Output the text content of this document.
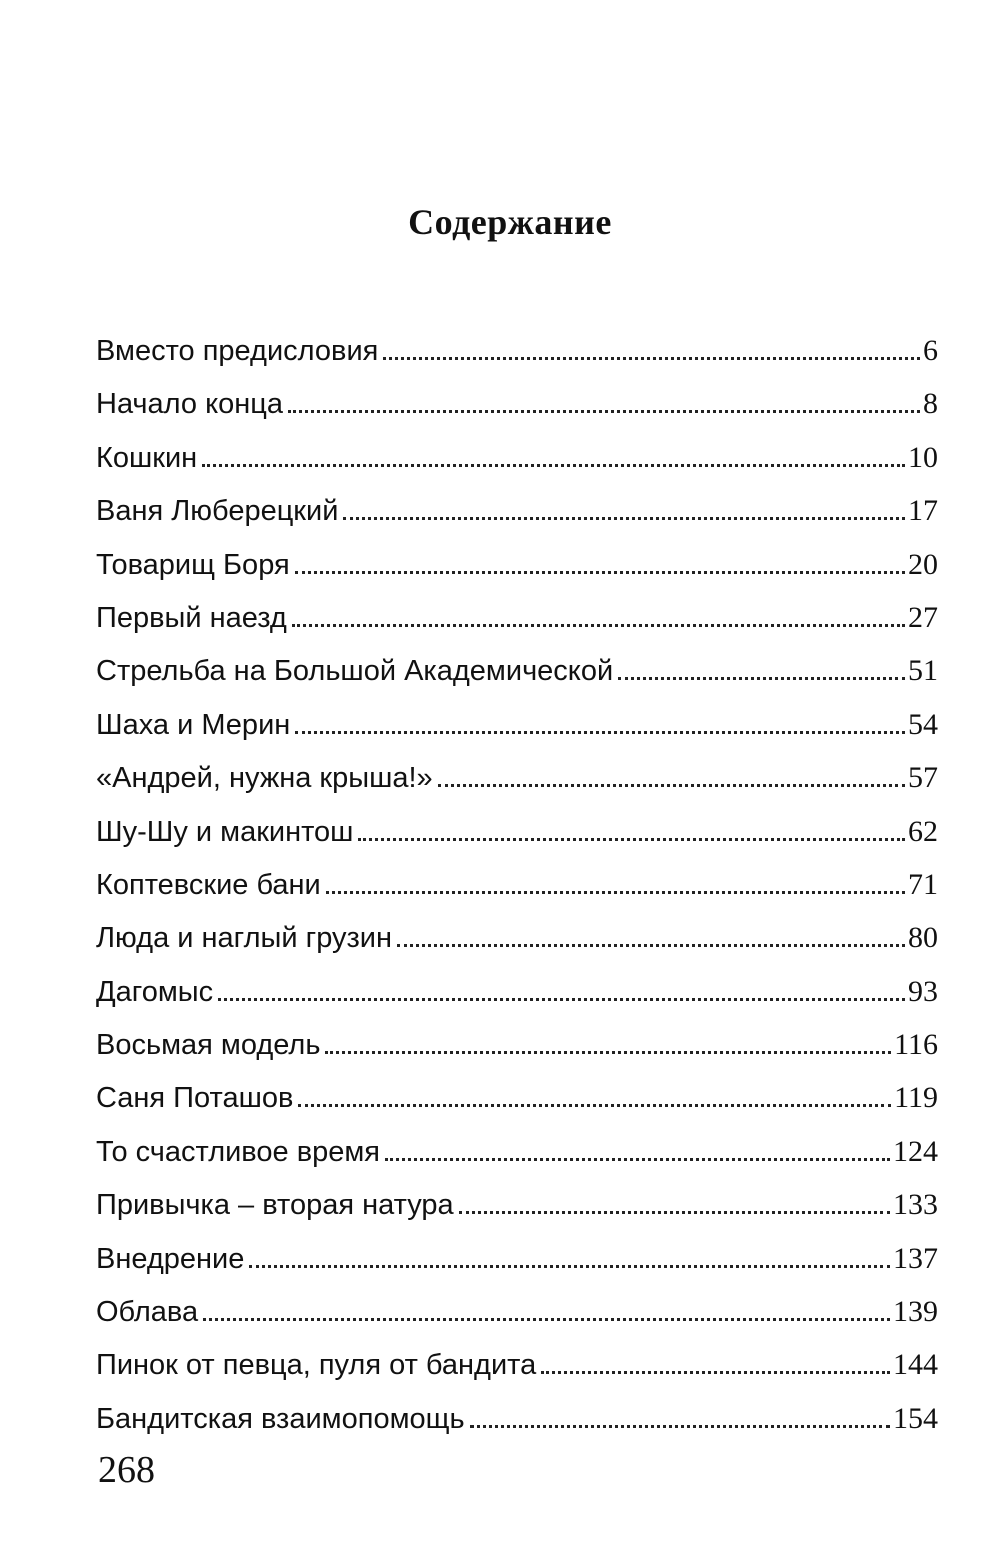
Содержание
Вместо предисловия	6
Начало конца	8
Кошкин	10
Ваня Люберецкий	17
Товарищ Боря	20
Первый наезд	27
Стрельба на Большой Академической	51
Шаха и Мерин	54
«Андрей, нужна крыша!»	57
Шу-Шу и макинтош	62
Коптевские бани	71
Люда и наглый грузин	80
Дагомыс	93
Восьмая модель	116
Саня Поташов	119
То счастливое время	124
Привычка – вторая натура	133
Внедрение	137
Облава	139
Пинок от певца, пуля от бандита	144
Бандитская взаимопомощь	154
268
